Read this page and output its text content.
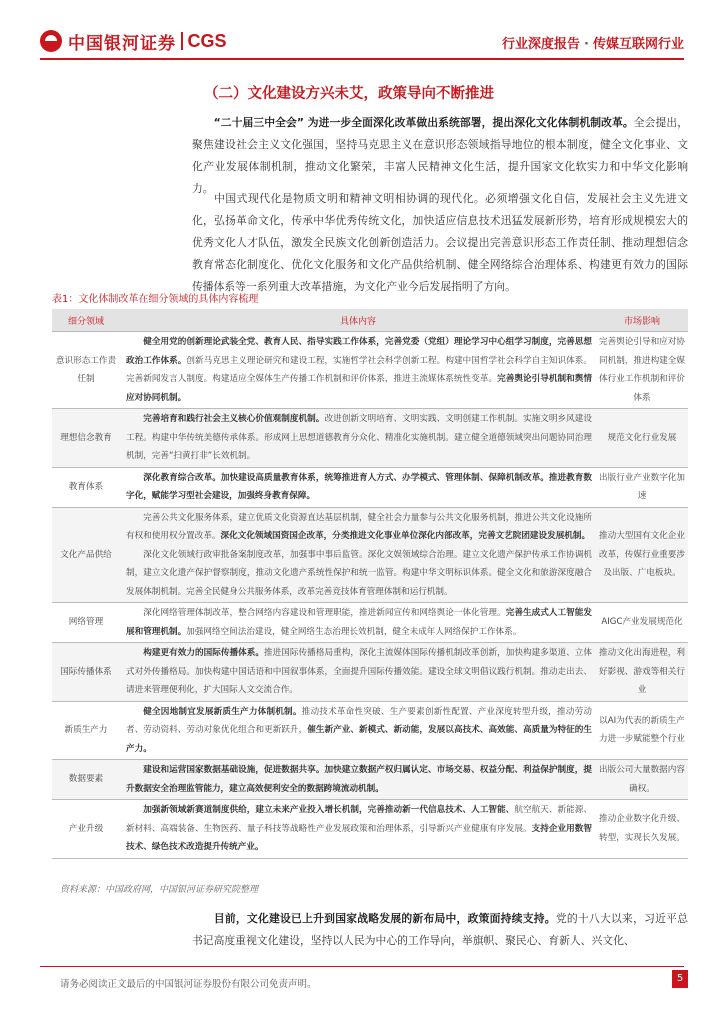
中国银河证券 CGS	行业深度报告 · 传媒互联网行业
（二）文化建设方兴未艾，政策导向不断推进

  “二十届三中全会” 为进一步全面深化改革做出系统部署，提出深化文化体制机制改革。全会提出，聚焦建设社会主义文化强国，坚持马克思主义在意识形态领域指导地位的根本制度，健全文化事业、文化产业发展体制机制，推动文化繁荣，丰富人民精神文化生活，提升国家文化软实力和中华文化影响力。

  中国式现代化是物质文明和精神文明相协调的现代化。必须增强文化自信，发展社会主义先进文化，弘扬革命文化，传承中华优秀传统文化，加快适应信息技术迅猛发展新形势，培育形成规模宏大的优秀文化人才队伍，激发全民族文化创新创造活力。会议提出完善意识形态工作责任制、推动理想信念教育常态化制度化、优化文化服务和文化产品供给机制、健全网络综合治理体系、构建更有效力的国际传播体系等一系列重大改革措施，为文化产业今后发展指明了方向。

表1：文化体制改革在细分领域的具体内容梳理
细分领域	具体内容	市场影响
意识形态工作责任制	健全用党的创新理论武装全党、教育人民、指导实践工作体系，完善党委（党组）理论学习中心组学习制度，完善思想政治工作体系。创新马克思主义理论研究和建设工程，实施哲学社会科学创新工程。构建中国哲学社会科学自主知识体系。完善新闻发言人制度。构建适应全媒体生产传播工作机制和评价体系，推进主流媒体系统性变革。完善舆论引导机制和舆情应对协同机制。	完善舆论引导和应对协同机制，推进构建全媒体行业工作机制和评价体系
理想信念教育	完善培育和践行社会主义核心价值观制度机制。改进创新文明培育、文明实践、文明创建工作机制。实施文明乡风建设工程。构建中华传统美德传承体系。形成网上思想道德教育分众化、精准化实施机制。建立健全道德领域突出问题协同治理机制，完善“扫黄打非”长效机制。	规范文化行业发展
教育体系	深化教育综合改革。加快建设高质量教育体系，统筹推进育人方式、办学模式、管理体制、保障机制改革。推进教育数字化，赋能学习型社会建设，加强终身教育保障。	出版行业产业数字化加速
文化产品供给	完善公共文化服务体系，建立优质文化资源直达基层机制，健全社会力量参与公共文化服务机制，推进公共文化设施所有权和使用权分置改革。深化文化领域国资国企改革，分类推进文化事业单位深化内部改革，完善文艺院团建设发展机制。
  深化文化领域行政审批备案制度改革，加强事中事后监管。深化文娱领域综合治理。建立文化遗产保护传承工作协调机制，建立文化遗产保护督察制度，推动文化遗产系统性保护和统一监管。构建中华文明标识体系。健全文化和旅游深度融合发展体制机制。完善全民健身公共服务体系，改革完善竞技体育管理体制和运行机制。	推动大型国有文化企业改革，传媒行业重要涉及出版、广电板块。
网络管理	深化网络管理体制改革，整合网络内容建设和管理职能，推进新闻宣传和网络舆论一体化管理。完善生成式人工智能发展和管理机制。加强网络空间法治建设，健全网络生态治理长效机制，健全未成年人网络保护工作体系。	AIGC产业发展规范化
国际传播体系	构建更有效力的国际传播体系。推进国际传播格局重构，深化主流媒体国际传播机制改革创新，加快构建多渠道、立体式对外传播格局。加快构建中国话语和中国叙事体系，全面提升国际传播效能。建设全球文明倡议践行机制。推动走出去、请进来管理便利化，扩大国际人文交流合作。	推动文化出海进程，利好影视、游戏等相关行业
新质生产力	健全因地制宜发展新质生产力体制机制。推动技术革命性突破、生产要素创新性配置、产业深度转型升级，推动劳动者、劳动资料、劳动对象优化组合和更新跃升，催生新产业、新模式、新动能，发展以高技术、高效能、高质量为特征的生产力。	以AI为代表的新质生产力进一步赋能整个行业
数据要素	建设和运营国家数据基础设施，促进数据共享。加快建立数据产权归属认定、市场交易、权益分配、利益保护制度，提升数据安全治理监管能力，建立高效便利安全的数据跨境流动机制。	出版公司大量数据内容确权。
产业升级	加强新领域新赛道制度供给，建立未来产业投入增长机制，完善推动新一代信息技术、人工智能、航空航天、新能源、新材料、高端装备、生物医药、量子科技等战略性产业发展政策和治理体系，引导新兴产业健康有序发展。支持企业用数智技术、绿色技术改造提升传统产业。	推动企业数字化升级、转型，实现长久发展。
资料来源：中国政府网，中国银河证券研究院整理

  目前，文化建设已上升到国家战略发展的新布局中，政策面持续支持。党的十八大以来，习近平总书记高度重视文化建设，坚持以人民为中心的工作导向，举旗帜、聚民心、育新人、兴文化、

请务必阅读正文最后的中国银河证券股份有限公司免责声明。
5
